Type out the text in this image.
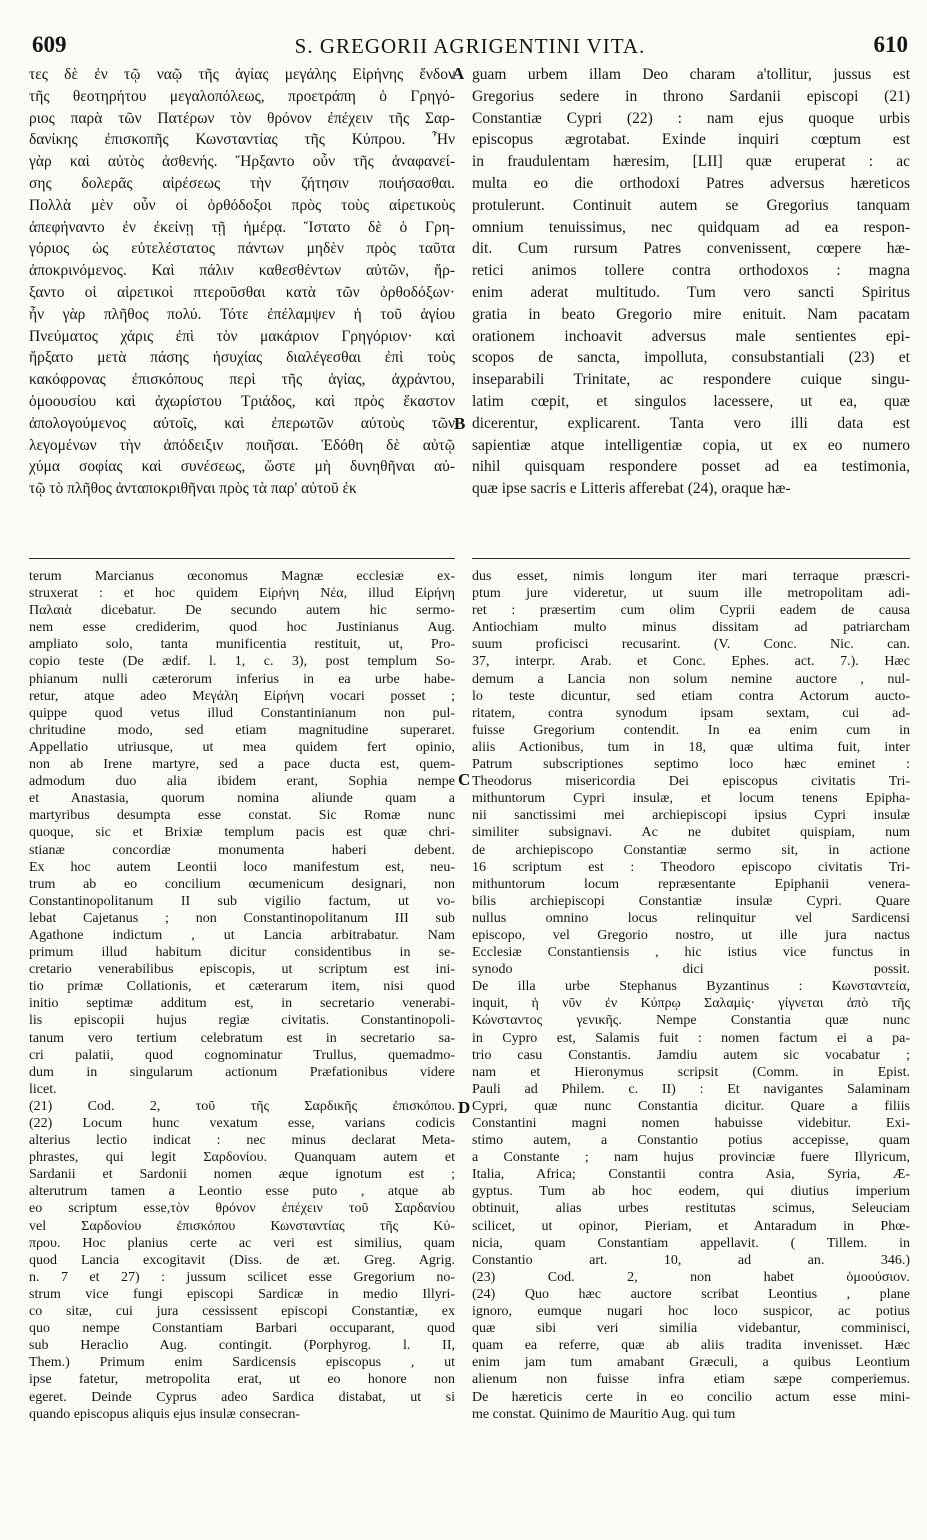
609	S. GREGORII AGRIGENTINI VITA.	610
τες δὲ ἐν τῷ ναῷ τῆς ἁγίας μεγάλης Εἰρήνης ἔνδον
τῆς θεοτηρήτου μεγαλοπόλεως, προετράπη ὁ Γρηγό-
ριος παρὰ τῶν Πατέρων τὸν θρόνον ἐπέχειν τῆς Σαρ-
δανίκης ἐπισκοπῆς Κωνσταντίας τῆς Κύπρου. Ἦν
γὰρ καὶ αὐτὸς ἀσθενής. Ἤρξαντο οὖν τῆς ἀναφανεί-
σης δολερᾶς αἱρέσεως τὴν ζήτησιν ποιήσασθαι.
Πολλὰ μὲν οὖν οἱ ὀρθόδοξοι πρὸς τοὺς αἱρετικοὺς
ἀπεφήναντο ἐν ἐκείνῃ τῇ ἡμέρᾳ. Ἵστατο δὲ ὁ Γρη-
γόριος ὡς εὐτελέστατος πάντων μηδὲν πρὸς ταῦτα
ἀποκρινόμενος. Καὶ πάλιν καθεσθέντων αὐτῶν, ἤρ-
ξαντο οἱ αἱρετικοὶ πτεροῦσθαι κατὰ τῶν ὀρθοδόξων·
ἦν γὰρ πλῆθος πολύ. Τότε ἐπέλαμψεν ἡ τοῦ ἁγίου
Πνεύματος χάρις ἐπὶ τὸν μακάριον Γρηγόριον· καὶ
ἤρξατο μετὰ πάσης ἡσυχίας διαλέγεσθαι ἐπὶ τοὺς
κακόφρονας ἐπισκόπους περὶ τῆς ἁγίας, ἀχράντου,
ὁμοουσίου καὶ ἀχωρίστου Τριάδος, καὶ πρὸς ἕκαστον
ἀπολογούμενος αὐτοῖς, καὶ ἐπερωτῶν αὐτοὺς τῶν
λεγομένων τὴν ἀπόδειξιν ποιῆσαι. Ἐδόθη δὲ αὐτῷ
χύμα σοφίας καὶ συνέσεως, ὥστε μὴ δυνηθῆναι αὐ-
τῷ τὸ πλῆθος ἀνταποκριθῆναι πρὸς τὰ παρ' αὐτοῦ ἐκ
guam urbem illam Deo charam a'tollitur, jussus est
Gregorius sedere in throno Sardanii episcopi (21)
Constantiæ Cypri (22) : nam ejus quoque urbis
episcopus ægrotabat. Exinde inquiri cœptum est
in fraudulentam hæresim, [LII] quæ eruperat : ac
multa eo die orthodoxi Patres adversus hæreticos
protulerunt. Continuit autem se Gregorius tanquam
omnium tenuissimus, nec quidquam ad ea respon-
dit. Cum rursum Patres convenissent, cœpere hæ-
retici animos tollere contra orthodoxos : magna
enim aderat multitudo. Tum vero sancti Spiritus
gratia in beato Gregorio mire enituit. Nam pacatam
orationem inchoavit adversus male sentientes epi-
scopos de sancta, impolluta, consubstantiali (23) et
inseparabili Trinitate, ac respondere cuique singu-
latim cœpit, et singulos lacessere, ut ea, quæ
dicerentur, explicarent. Tanta vero illi data est
sapientiæ atque intelligentiæ copia, ut ex eo numero
nihil quisquam respondere posset ad ea testimonia,
quæ ipse sacris e Litteris afferebat (24), oraque hæ-
terum Marcianus œconomus Magnæ ecclesiæ ex-
struxerat : et hoc quidem Εἰρήνη Νέα, illud Εἰρήνη
Παλαιὰ dicebatur. De secundo autem hic sermo-
nem esse crediderim, quod hoc Justinianus Aug.
ampliato solo, tanta munificentia restituit, ut, Pro-
copio teste (De ædif. l. 1, c. 3), post templum So-
phianum nulli cæterorum inferius in ea urbe habe-
retur, atque adeo Μεγάλη Εἰρήνη vocari posset ;
quippe quod vetus illud Constantinianum non pul-
chritudine modo, sed etiam magnitudine superaret.
Appellatio utriusque, ut mea quidem fert opinio,
non ab Irene martyre, sed a pace ducta est, quem-
admodum duo alia ibidem erant, Sophia nempe
et Anastasia, quorum nomina aliunde quam a
martyribus desumpta esse constat. Sic Romæ nunc
quoque, sic et Brixiæ templum pacis est quæ chri-
stianæ concordiæ monumenta haberi debent.
Ex hoc autem Leontii loco manifestum est, neu-
trum ab eo concilium œcumenicum designari, non
Constantinopolitanum II sub vigilio factum, ut vo-
lebat Cajetanus ; non Constantinopolitanum III sub
Agathone indictum , ut Lancia arbitrabatur. Nam
primum illud habitum dicitur considentibus in se-
cretario venerabilibus episcopis, ut scriptum est ini-
tio primæ Collationis, et cæterarum item, nisi quod
initio septimæ additum est, in secretario venerabi-
lis episcopii hujus regiæ civitatis. Constantinopoli-
tanum vero tertium celebratum est in secretario sa-
cri palatii, quod cognominatur Trullus, quemadmo-
dum in singularum actionum Præfationibus videre
licet.
(21) Cod. 2, τοῦ τῆς Σαρδικῆς ἐπισκόπου.
(22) Locum hunc vexatum esse, varians codicis
alterius lectio indicat : nec minus declarat Meta-
phrastes, qui legit Σαρδονίου. Quanquam autem et
Sardanii et Sardonii nomen æque ignotum est ;
alterutrum tamen a Leontio esse puto , atque ab
eo scriptum esse,τὸν θρόνον ἐπέχειν τοῦ Σαρδανίου
vel Σαρδονίου ἐπισκόπου Κωνσταντίας τῆς Κύ-
πρου. Hoc planius certe ac veri est similius, quam
quod Lancia excogitavit (Diss. de æt. Greg. Agrig.
n. 7 et 27) : jussum scilicet esse Gregorium no-
strum vice fungi episcopi Sardicæ in medio Illyri-
co sitæ, cui jura cessissent episcopi Constantiæ, ex
quo nempe Constantiam Barbari occuparant, quod
sub Heraclio Aug. contingit. (Porphyrog. l. II,
Them.) Primum enim Sardicensis episcopus , ut
ipse fatetur, metropolita erat, ut eo honore non
egeret. Deinde Cyprus adeo Sardica distabat, ut si
quando episcopus aliquis ejus insulæ consecran-
dus esset, nimis longum iter mari terraque præscri-
ptum jure videretur, ut suum ille metropolitam adi-
ret : præsertim cum olim Cyprii eadem de causa
Antiochiam multo minus dissitam ad patriarcham
suum proficisci recusarint. (V. Conc. Nic. can.
37, interpr. Arab. et Conc. Ephes. act. 7.). Hæc
demum a Lancia non solum nemine auctore , nul-
lo teste dicuntur, sed etiam contra Actorum aucto-
ritatem, contra synodum ipsam sextam, cui ad-
fuisse Gregorium contendit. In ea enim cum in
aliis Actionibus, tum in 18, quæ ultima fuit, inter
Patrum subscriptiones septimo loco hæc eminet :
Theodorus misericordia Dei episcopus civitatis Tri-
mithuntorum Cypri insulæ, et locum tenens Epipha-
nii sanctissimi mei archiepiscopi ipsius Cypri insulæ
similiter subsignavi. Ac ne dubitet quispiam, num
de archiepiscopo Constantiæ sermo sit, in actione
16 scriptum est : Theodoro episcopo civitatis Tri-
mithuntorum locum repræsentante Epiphanii venera-
bilis archiepiscopi Constantiæ insulæ Cypri. Quare
nullus omnino locus relinquitur vel Sardicensi
episcopo, vel Gregorio nostro, ut ille jura nactus
Ecclesiæ Constantiensis , hic istius vice functus in
synodo dici possit.
De illa urbe Stephanus Byzantinus : Κωνσταντεία,
inquit, ἡ νῦν ἐν Κύπρῳ Σαλαμὶς· γίγνεται ἀπὸ τῆς
Κώνσταντος γενικῆς. Nempe Constantia quæ nunc
in Cypro est, Salamis fuit : nomen factum ei a pa-
trio casu Constantis. Jamdiu autem sic vocabatur ;
nam et Hieronymus scripsit (Comm. in Epist.
Pauli ad Philem. c. II) : Et navigantes Salaminam
Cypri, quæ nunc Constantia dicitur. Quare a filiis
Constantini magni nomen habuisse videbitur. Exi-
stimo autem, a Constantio potius accepisse, quam
a Constante ; nam hujus provinciæ fuere Illyricum,
Italia, Africa; Constantii contra Asia, Syria, Æ-
gyptus. Tum ab hoc eodem, qui diutius imperium
obtinuit, alias urbes restitutas scimus, Seleuciam
scilicet, ut opinor, Pieriam, et Antaradum in Phœ-
nicia, quam Constantiam appellavit. ( Tillem. in
Constantio art. 10, ad an. 346.)
(23) Cod. 2, non habet ὁμοούσιον.
(24) Quo hæc auctore scribat Leontius , plane
ignoro, eumque nugari hoc loco suspicor, ac potius
quæ sibi veri similia videbantur, comminisci,
quam ea referre, quæ ab aliis tradita invenisset. Hæc
enim jam tum amabant Græculi, a quibus Leontium
alienum non fuisse infra etiam sæpe comperiemus.
De hæreticis certe in eo concilio actum esse mini-
me constat. Quinimo de Mauritio Aug. qui tum
A
B
C
D
